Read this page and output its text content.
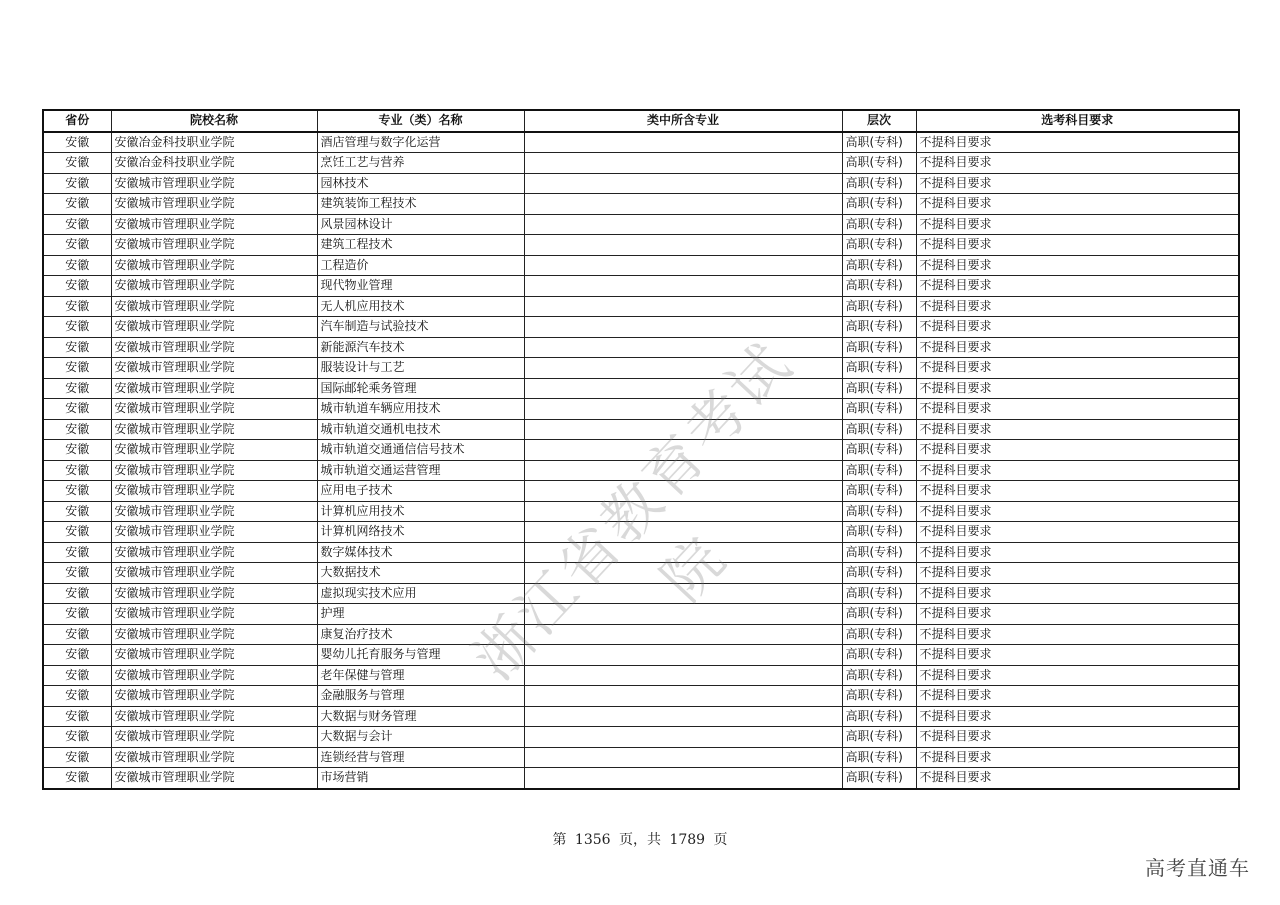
省份	院校名称	专业（类）名称	类中所含专业	层次	选考科目要求
安徽	安徽冶金科技职业学院	酒店管理与数字化运营		高职(专科)	不提科目要求
安徽	安徽冶金科技职业学院	烹饪工艺与营养		高职(专科)	不提科目要求
安徽	安徽城市管理职业学院	园林技术		高职(专科)	不提科目要求
安徽	安徽城市管理职业学院	建筑装饰工程技术		高职(专科)	不提科目要求
安徽	安徽城市管理职业学院	风景园林设计		高职(专科)	不提科目要求
安徽	安徽城市管理职业学院	建筑工程技术		高职(专科)	不提科目要求
安徽	安徽城市管理职业学院	工程造价		高职(专科)	不提科目要求
安徽	安徽城市管理职业学院	现代物业管理		高职(专科)	不提科目要求
安徽	安徽城市管理职业学院	无人机应用技术		高职(专科)	不提科目要求
安徽	安徽城市管理职业学院	汽车制造与试验技术		高职(专科)	不提科目要求
安徽	安徽城市管理职业学院	新能源汽车技术		高职(专科)	不提科目要求
安徽	安徽城市管理职业学院	服装设计与工艺		高职(专科)	不提科目要求
安徽	安徽城市管理职业学院	国际邮轮乘务管理		高职(专科)	不提科目要求
安徽	安徽城市管理职业学院	城市轨道车辆应用技术		高职(专科)	不提科目要求
安徽	安徽城市管理职业学院	城市轨道交通机电技术		高职(专科)	不提科目要求
安徽	安徽城市管理职业学院	城市轨道交通通信信号技术		高职(专科)	不提科目要求
安徽	安徽城市管理职业学院	城市轨道交通运营管理		高职(专科)	不提科目要求
安徽	安徽城市管理职业学院	应用电子技术		高职(专科)	不提科目要求
安徽	安徽城市管理职业学院	计算机应用技术		高职(专科)	不提科目要求
安徽	安徽城市管理职业学院	计算机网络技术		高职(专科)	不提科目要求
安徽	安徽城市管理职业学院	数字媒体技术		高职(专科)	不提科目要求
安徽	安徽城市管理职业学院	大数据技术		高职(专科)	不提科目要求
安徽	安徽城市管理职业学院	虚拟现实技术应用		高职(专科)	不提科目要求
安徽	安徽城市管理职业学院	护理		高职(专科)	不提科目要求
安徽	安徽城市管理职业学院	康复治疗技术		高职(专科)	不提科目要求
安徽	安徽城市管理职业学院	婴幼儿托育服务与管理		高职(专科)	不提科目要求
安徽	安徽城市管理职业学院	老年保健与管理		高职(专科)	不提科目要求
安徽	安徽城市管理职业学院	金融服务与管理		高职(专科)	不提科目要求
安徽	安徽城市管理职业学院	大数据与财务管理		高职(专科)	不提科目要求
安徽	安徽城市管理职业学院	大数据与会计		高职(专科)	不提科目要求
安徽	安徽城市管理职业学院	连锁经营与管理		高职(专科)	不提科目要求
安徽	安徽城市管理职业学院	市场营销		高职(专科)	不提科目要求
浙江省教育考试院
第 1356 页，共 1789 页
高考直通车
